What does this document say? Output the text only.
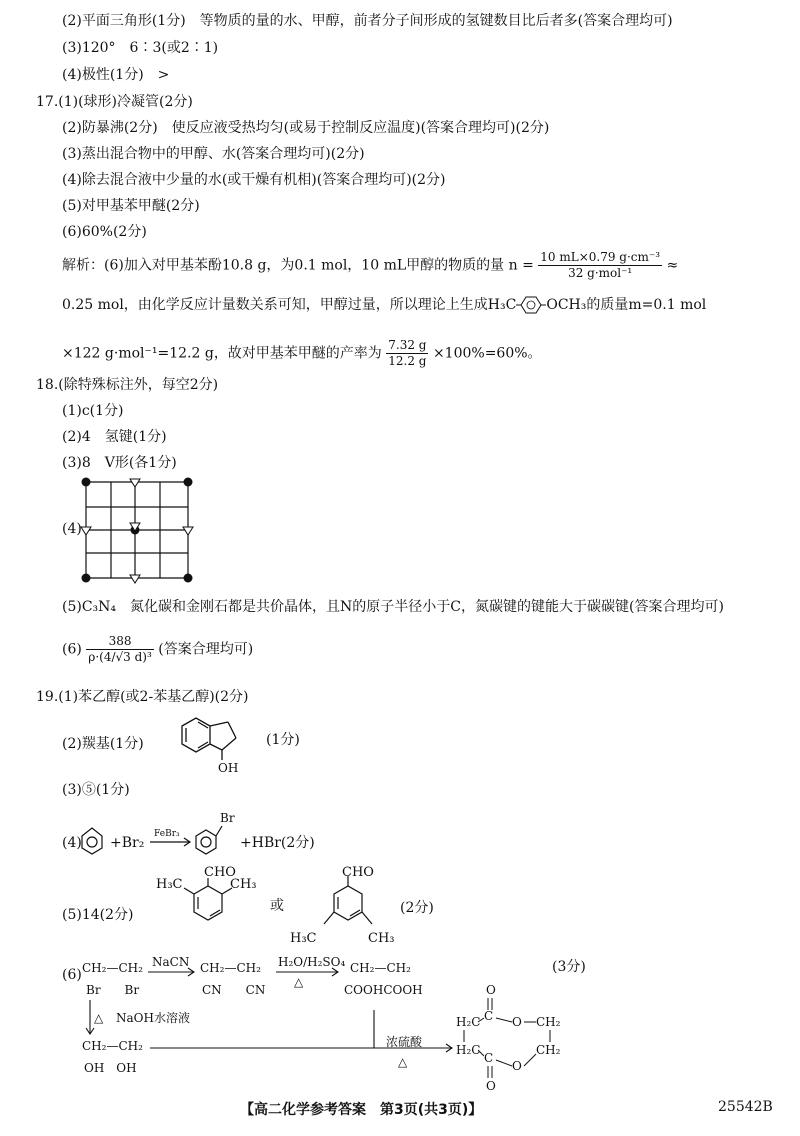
(2)平面三角形(1分)　等物质的量的水、甲醇，前者分子间形成的氢键数目比后者多(答案合理均可)
(3)120°　6∶3(或2∶1)
(4)极性(1分)　>
17.(1)(球形)冷凝管(2分)
(2)防暴沸(2分)　使反应液受热均匀(或易于控制反应温度)(答案合理均可)(2分)
(3)蒸出混合物中的甲醇、水(答案合理均可)(2分)
(4)除去混合液中少量的水(或干燥有机相)(答案合理均可)(2分)
(5)对甲基苯甲醚(2分)
(6)60%(2分)
解析：(6)加入对甲基苯酚10.8 g，为0.1 mol，10 mL甲醇的物质的量 $n = \frac{\text{10 mL×0.79 g·cm⁻³}}{\text{32 g·mol⁻¹}}$ ≈
0.25 mol，由化学反应计量数关系可知，甲醇过量，所以理论上生成H₃C OCH₃的质量m=0.1 mol
×122 g·mol⁻¹=12.2 g，故对甲基苯甲醚的产率为 $\frac{7.32 g}{12.2 g} \times 100\%=60\%$。
18.(除特殊标注外，每空2分)
(1)c(1分)
(2)4　氢键(1分)
(3)8　V形(各1分)
(4)
(5)C₃N₄　氮化碳和金刚石都是共价晶体，且N的原子半径小于C，氮碳键的键能大于碳碳键(答案合理均可)
$(6) \frac{388}{\text{ρ·(4/√3 d)³}}$ (答案合理均可)
19.(1)苯乙醇(或2-苯基乙醇)(2分)
(2)羰基(1分)
OH
(1分)
(3)⑤(1分)
(4) +Br₂
FeBr₃
Br
+HBr(2分)
(5)14(2分)
CHO
H₃C	CH₃
或
CHO
H₃C	CH₃
(2分)
(6)	(3分)
CH₂—CH₂
Br　　Br
NaCN CH₂—CH₂
CN　　CN
H₂O/H₂SO₄
△
CH₂—CH₂
COOHCOOH
△ NaOH水溶液
CH₂—CH₂
OH　OH
浓硫酸
△
O
C O CH₂
H₂C
H₂C	CH₂
C
O
O
【高二化学参考答案　第3页(共3页)】	25542B
